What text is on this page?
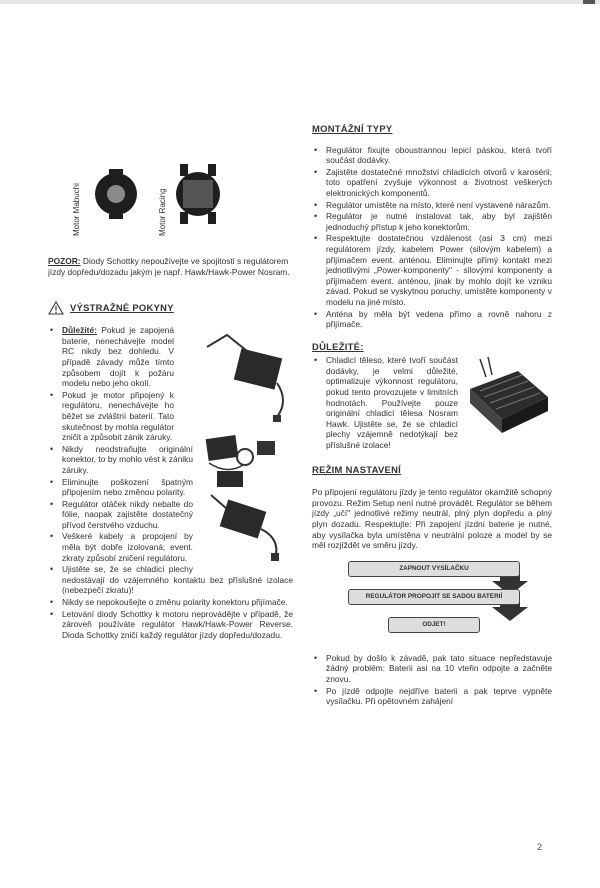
Motor Mabuchi	Motor Racing
POZOR: Diody Schottky nepoužívejte ve spojitosti s regulátorem jízdy dopředu/dozadu jakým je např. Hawk/Hawk-Power Nosram.
VÝSTRAŽNÉ POKYNY
• Důležité: Pokud je zapojená baterie, nenechávejte model RC nikdy bez dohledu. V případě závady může tímto způsobem dojít k požáru modelu nebo jeho okolí.
• Pokud je motor připojený k regulátoru, nenechávejte ho běžet se zvláštní baterií. Tato skutečnost by mohla regulátor zničit a způsobit zánik záruky.
• Nikdy neodstraňujte originální konektor, to by mohlo vést k zániku záruky.
• Eliminujte poškození špatným připojením nebo změnou polarity.
• Regulátor otáček nikdy nebalte do fólie, naopak zajistěte dostatečný přívod čerstvého vzduchu.
• Veškeré kabely a propojení by měla být dobře izolovaná; event. zkraty způsobí zničení regulátoru.
• Ujistěte se, že se chladicí plechy nedostávají do vzájemného kontaktu bez příslušné izolace (nebezpečí zkratu)!
• Nikdy se nepokoušejte o změnu polarity konektoru přijímače.
• Letování diody Schottky k motoru neprovádějte v případě, že zároveň používáte regulátor Hawk/Hawk-Power Reverse. Dioda Schottky zničí každý regulátor jízdy dopředu/dozadu.
MONTÁŽNÍ TYPY
• Regulátor fixujte oboustrannou lepicí páskou, která tvoří součást dodávky.
• Zajistěte dostatečné množství chladicích otvorů v karosérii; toto opatření zvyšuje výkonnost a životnost veškerých elektronických komponentů.
• Regulátor umístěte na místo, které není vystavené nárazům.
• Regulátor je nutné instalovat tak, aby byl zajištěn jednoduchý přístup k jeho konektorům.
• Respektujte dostatečnou vzdálenost (asi 3 cm) mezi regulátorem jízdy, kabelem Power (silovým kabelem) a přijímačem event. anténou. Eliminujte přímý kontakt mezi jednotlivými „Power-komponenty" - silovými komponenty a přijímačem event. anténou, jinak by mohlo dojít ke vzniku závad. Pokud se vyskytnou poruchy, umístěte komponenty v modelu na jiné místo.
• Anténa by měla být vedena přímo a rovně nahoru z přijímače.
DŮLEŽITÉ:
• Chladicí těleso, které tvoří součást dodávky, je velmi důležité, optimalizuje výkonnost regulátoru, pokud tento provozujete v limitních hodnotách. Používejte pouze originální chladicí tělesa Nosram Hawk. Ujistěte se, že se chladicí plechy vzájemně nedotýkají bez příslušné izolace!
REŽIM NASTAVENÍ
Po připojení regulátoru jízdy je tento regulátor okamžitě schopný provozu. Režim Setup není nutné provádět. Regulátor se během jízdy „učí" jednotlivé režimy neutrál, plný plyn dopředu a plný plyn dozadu. Respektujte: Při zapojení jízdní baterie je nutné, aby vysílačka byla umístěna v neutrální poloze a model by se měl rozjíždět ve směru jízdy.
ZAPNOUT VYSÍLAČKU
REGULÁTOR PROPOJIT SE SADOU BATERIÍ
ODJET!
• Pokud by došlo k závadě, pak tato situace nepředstavuje žádný problém: Baterii asi na 10 vteřin odpojte a začněte znovu.
• Po jízdě odpojte nejdříve baterii a pak teprve vypněte vysílačku. Při opětovném zahájení
2
